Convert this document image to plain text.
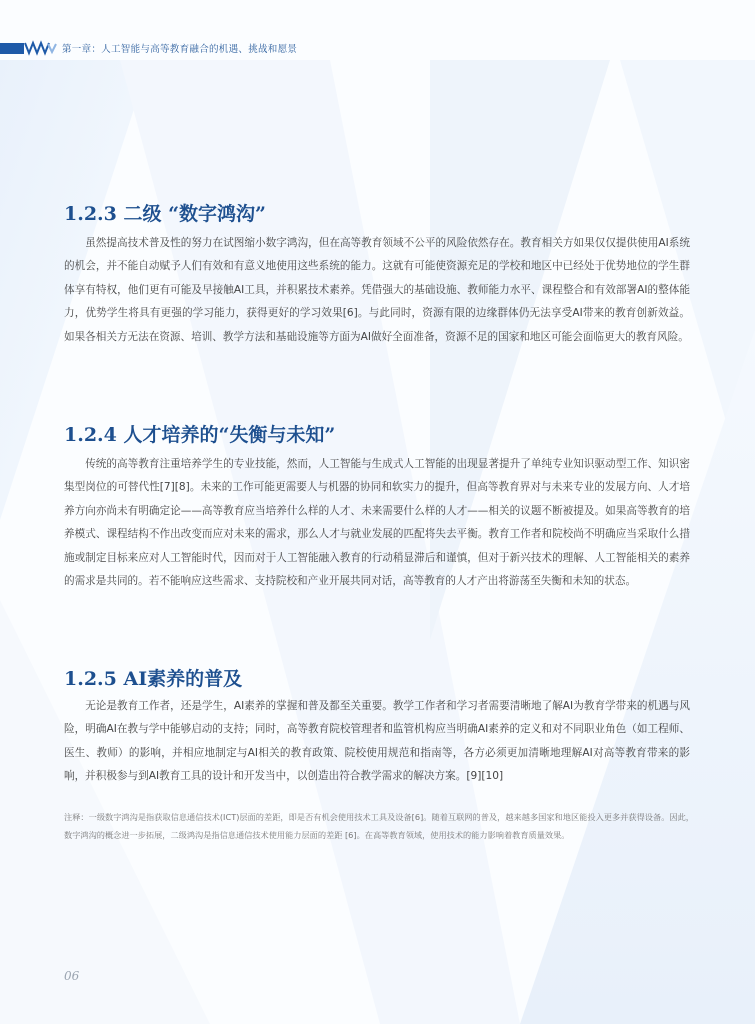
第一章：人工智能与高等教育融合的机遇、挑战和愿景
1.2.3 二级 “数字鸿沟”

虽然提高技术普及性的努力在试图缩小数字鸿沟，但在高等教育领域不公平的风险依然存在。教育相关方如果仅仅提供使用AI系统的机会，并不能自动赋予人们有效和有意义地使用这些系统的能力。这就有可能使资源充足的学校和地区中已经处于优势地位的学生群体享有特权，他们更有可能及早接触AI工具，并积累技术素养。凭借强大的基础设施、教师能力水平、课程整合和有效部署AI的整体能力，优势学生将具有更强的学习能力，获得更好的学习效果[6]。与此同时，资源有限的边缘群体仍无法享受AI带来的教育创新效益。如果各相关方无法在资源、培训、教学方法和基础设施等方面为AI做好全面准备，资源不足的国家和地区可能会面临更大的教育风险。

1.2.4 人才培养的“失衡与未知”

传统的高等教育注重培养学生的专业技能，然而，人工智能与生成式人工智能的出现显著提升了单纯专业知识驱动型工作、知识密集型岗位的可替代性[7][8]。未来的工作可能更需要人与机器的协同和软实力的提升，但高等教育界对与未来专业的发展方向、人才培养方向亦尚未有明确定论——高等教育应当培养什么样的人才、未来需要什么样的人才——相关的议题不断被提及。如果高等教育的培养模式、课程结构不作出改变而应对未来的需求，那么人才与就业发展的匹配将失去平衡。教育工作者和院校尚不明确应当采取什么措施或制定目标来应对人工智能时代，因而对于人工智能融入教育的行动稍显滞后和谨慎，但对于新兴技术的理解、人工智能相关的素养的需求是共同的。若不能响应这些需求、支持院校和产业开展共同对话，高等教育的人才产出将游荡至失衡和未知的状态。

1.2.5 AI素养的普及

无论是教育工作者，还是学生，AI素养的掌握和普及都至关重要。教学工作者和学习者需要清晰地了解AI为教育学带来的机遇与风险，明确AI在教与学中能够启动的支持；同时，高等教育院校管理者和监管机构应当明确AI素养的定义和对不同职业角色（如工程师、医生、教师）的影响，并相应地制定与AI相关的教育政策、院校使用规范和指南等，各方必须更加清晰地理解AI对高等教育带来的影响，并积极参与到AI教育工具的设计和开发当中，以创造出符合教学需求的解决方案。[9][10]

注释：一级数字鸿沟是指获取信息通信技术(ICT)层面的差距，即是否有机会使用技术工具及设备[6]。随着互联网的普及，越来越多国家和地区能投入更多并获得设备。因此，数字鸿沟的概念进一步拓展，二级鸿沟是指信息通信技术使用能力层面的差距 [6]。在高等教育领域，使用技术的能力影响着教育质量效果。

06
